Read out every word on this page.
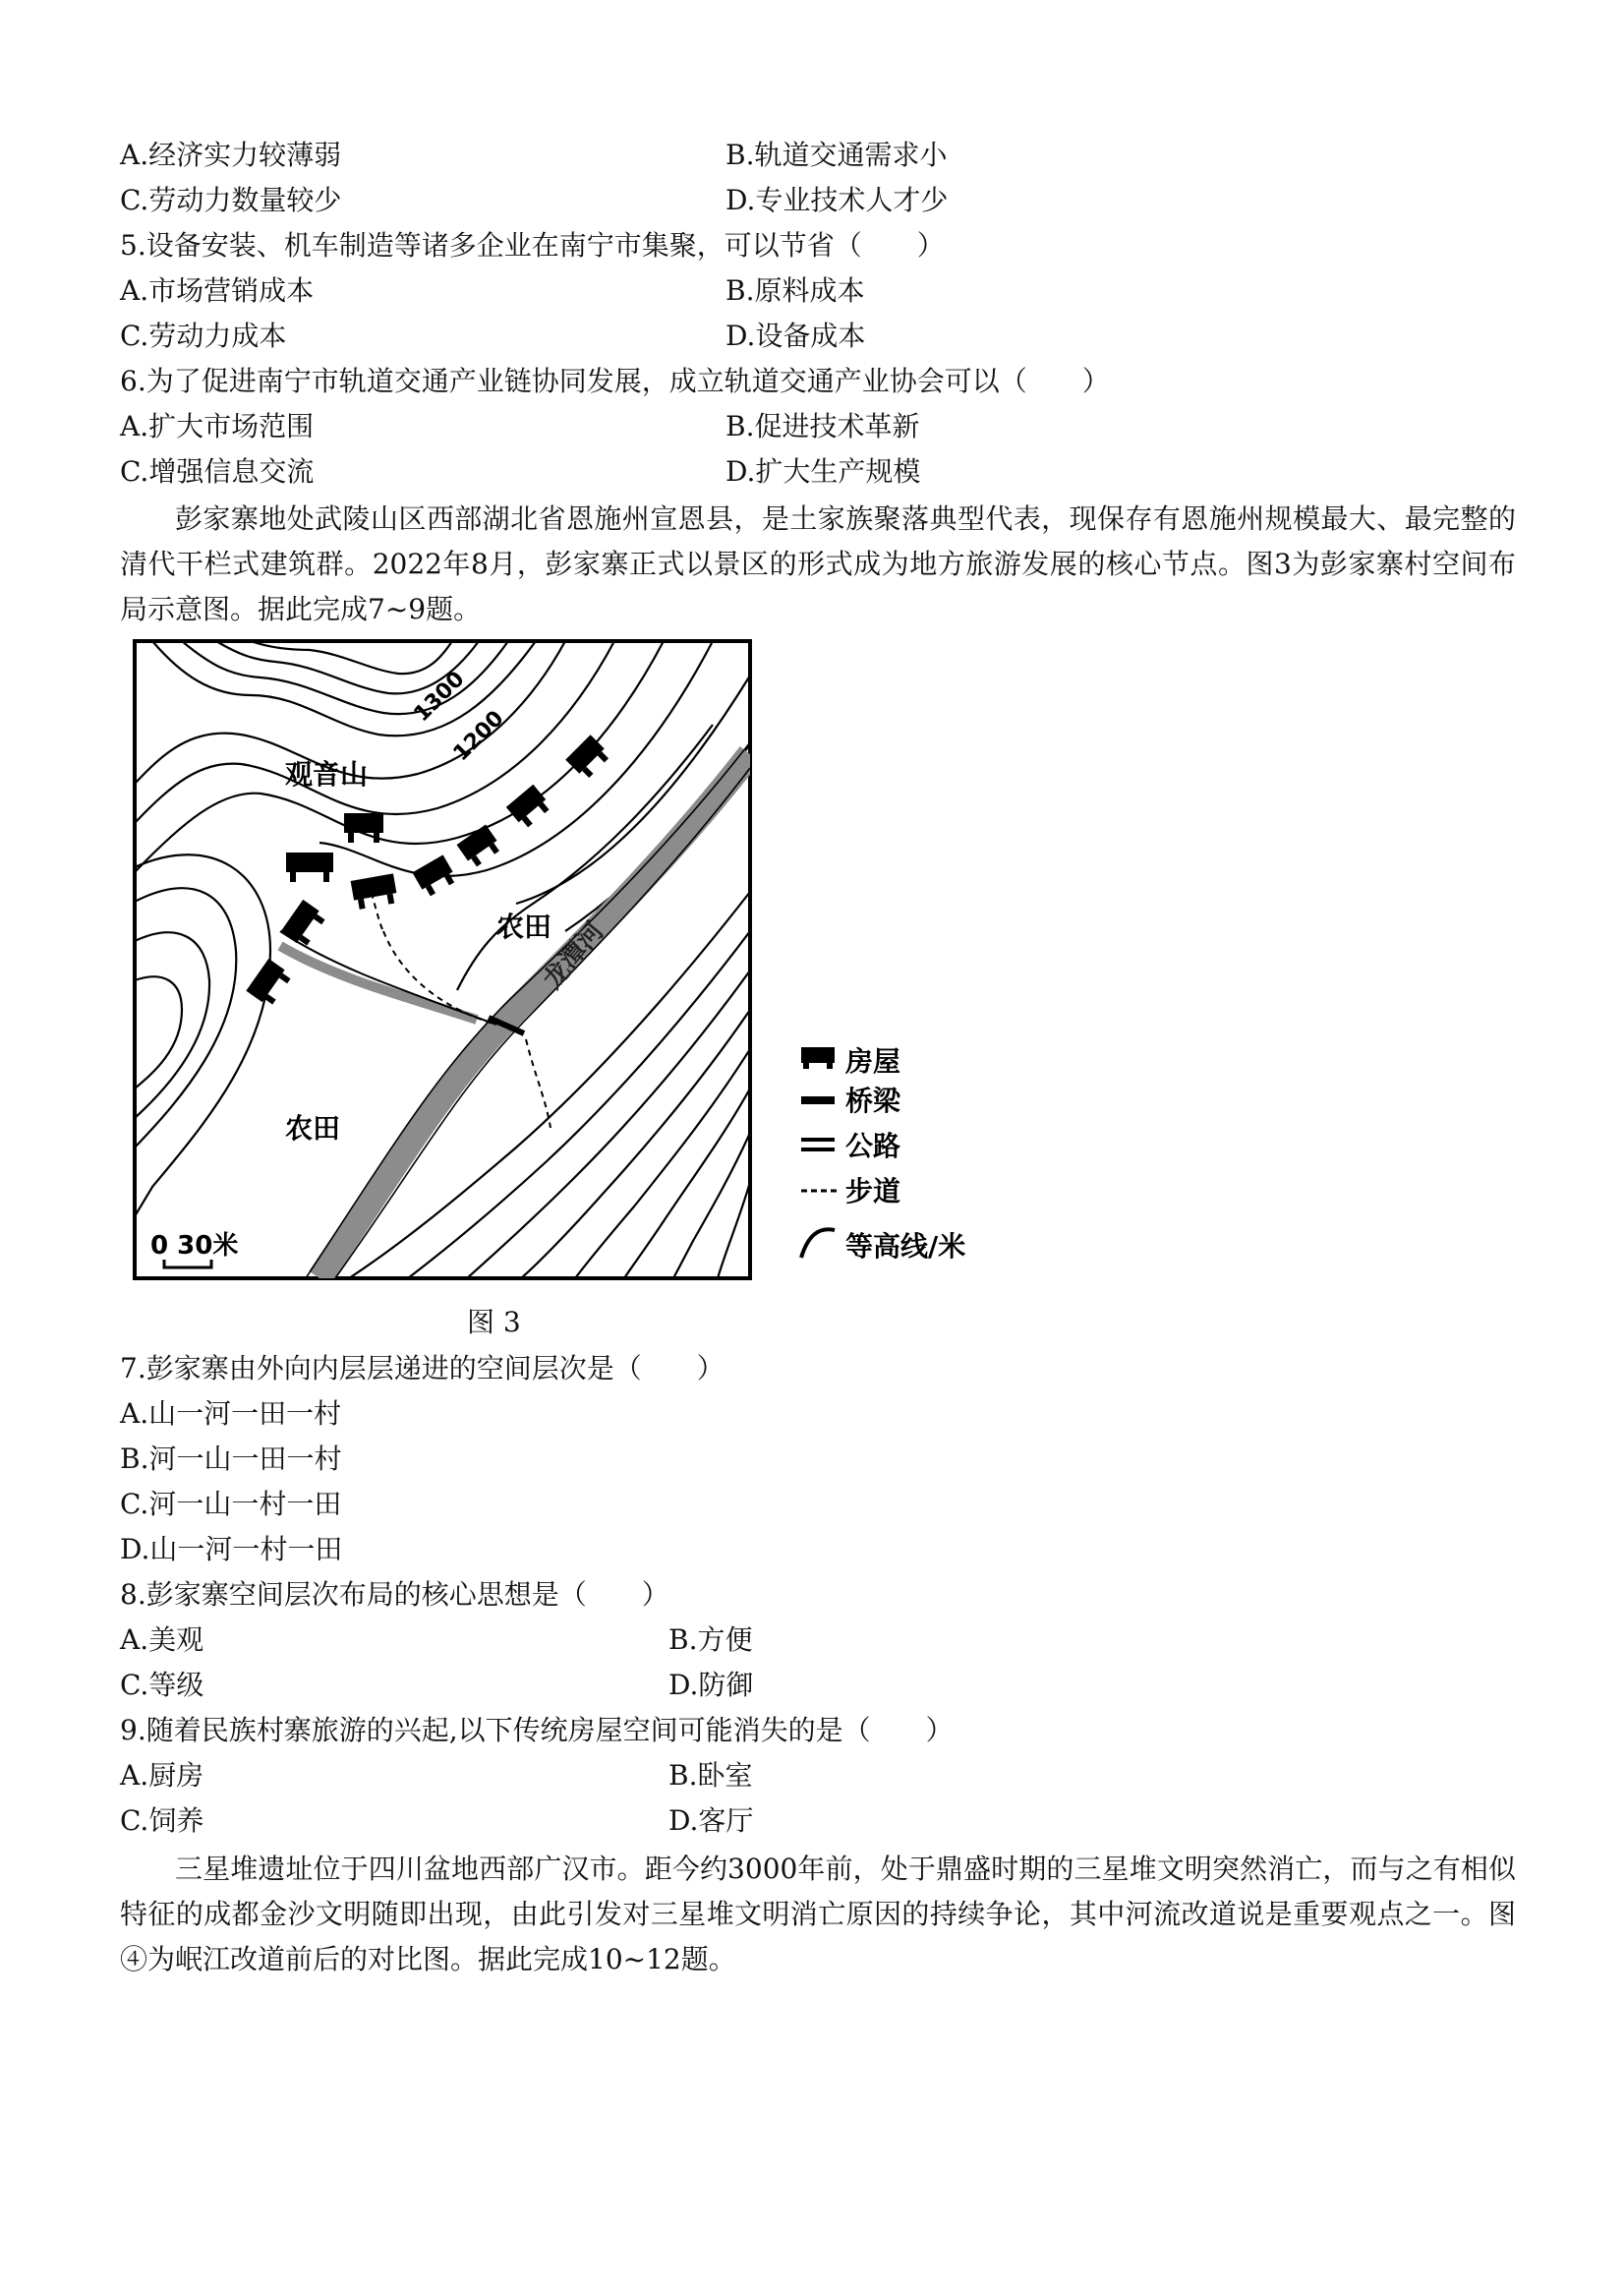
A.经济实力较薄弱	B.轨道交通需求小
C.劳动力数量较少	D.专业技术人才少
5.设备安装、机车制造等诸多企业在南宁市集聚，可以节省（　　）
A.市场营销成本	B.原料成本
C.劳动力成本	D.设备成本
6.为了促进南宁市轨道交通产业链协同发展，成立轨道交通产业协会可以（　　）
A.扩大市场范围	B.促进技术革新
C.增强信息交流	D.扩大生产规模
彭家寨地处武陵山区西部湖北省恩施州宣恩县，是土家族聚落典型代表，现保存有恩施州规模最大、最完整的清代干栏式建筑群。2022年8月，彭家寨正式以景区的形式成为地方旅游发展的核心节点。图3为彭家寨村空间布局示意图。据此完成7~9题。
观音山
农田
农田
龙潭河
1300
1200
0 30米
房屋
桥梁
公路
步道
等高线/米
图 3
7.彭家寨由外向内层层递进的空间层次是（　　）
A.山一河一田一村
B.河一山一田一村
C.河一山一村一田
D.山一河一村一田
8.彭家寨空间层次布局的核心思想是（　　）
A.美观	B.方便
C.等级	D.防御
9.随着民族村寨旅游的兴起,以下传统房屋空间可能消失的是（　　）
A.厨房	B.卧室
C.饲养	D.客厅
三星堆遗址位于四川盆地西部广汉市。距今约3000年前，处于鼎盛时期的三星堆文明突然消亡，而与之有相似特征的成都金沙文明随即出现，由此引发对三星堆文明消亡原因的持续争论，其中河流改道说是重要观点之一。图④为岷江改道前后的对比图。据此完成10~12题。
